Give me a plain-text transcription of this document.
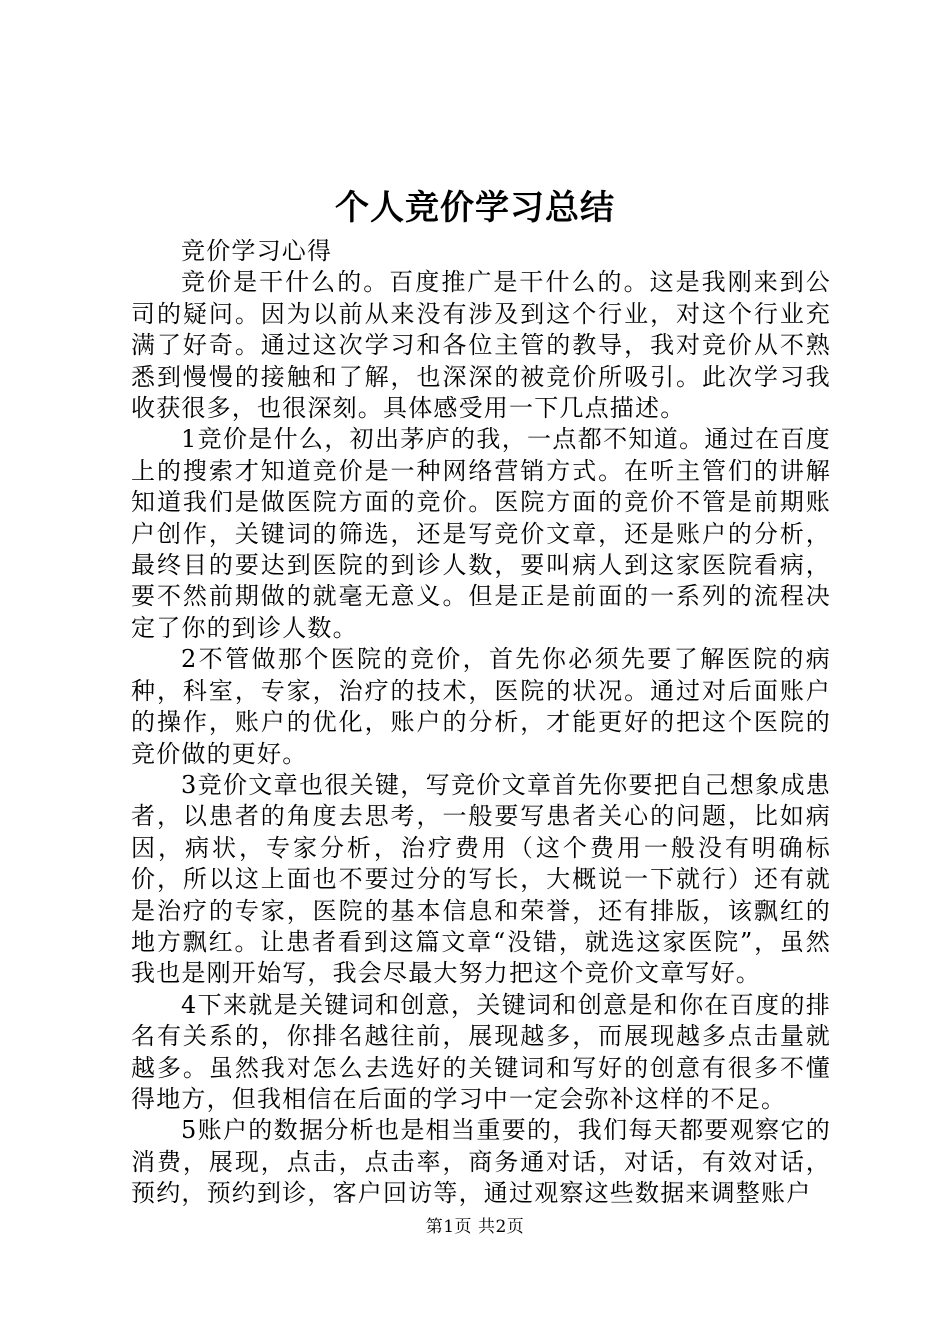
个人竞价学习总结

竞价学习心得

竞价是干什么的。百度推广是干什么的。这是我刚来到公司的疑问。因为以前从来没有涉及到这个行业，对这个行业充满了好奇。通过这次学习和各位主管的教导，我对竞价从不熟悉到慢慢的接触和了解，也深深的被竞价所吸引。此次学习我收获很多，也很深刻。具体感受用一下几点描述。

1竞价是什么，初出茅庐的我，一点都不知道。通过在百度上的搜索才知道竞价是一种网络营销方式。在听主管们的讲解知道我们是做医院方面的竞价。医院方面的竞价不管是前期账户创作，关键词的筛选，还是写竞价文章，还是账户的分析，最终目的要达到医院的到诊人数，要叫病人到这家医院看病，要不然前期做的就毫无意义。但是正是前面的一系列的流程决定了你的到诊人数。

2不管做那个医院的竞价，首先你必须先要了解医院的病种，科室，专家，治疗的技术，医院的状况。通过对后面账户的操作，账户的优化，账户的分析，才能更好的把这个医院的竞价做的更好。

3竞价文章也很关键，写竞价文章首先你要把自己想象成患者，以患者的角度去思考，一般要写患者关心的问题，比如病因，病状，专家分析，治疗费用（这个费用一般没有明确标价，所以这上面也不要过分的写长，大概说一下就行）还有就是治疗的专家，医院的基本信息和荣誉，还有排版，该飘红的地方飘红。让患者看到这篇文章“没错，就选这家医院”，虽然我也是刚开始写，我会尽最大努力把这个竞价文章写好。

4下来就是关键词和创意，关键词和创意是和你在百度的排名有关系的，你排名越往前，展现越多，而展现越多点击量就越多。虽然我对怎么去选好的关键词和写好的创意有很多不懂得地方，但我相信在后面的学习中一定会弥补这样的不足。

5账户的数据分析也是相当重要的，我们每天都要观察它的消费，展现，点击，点击率，商务通对话，对话，有效对话，预约，预约到诊，客户回访等，通过观察这些数据来调整账户

第1页 共2页
